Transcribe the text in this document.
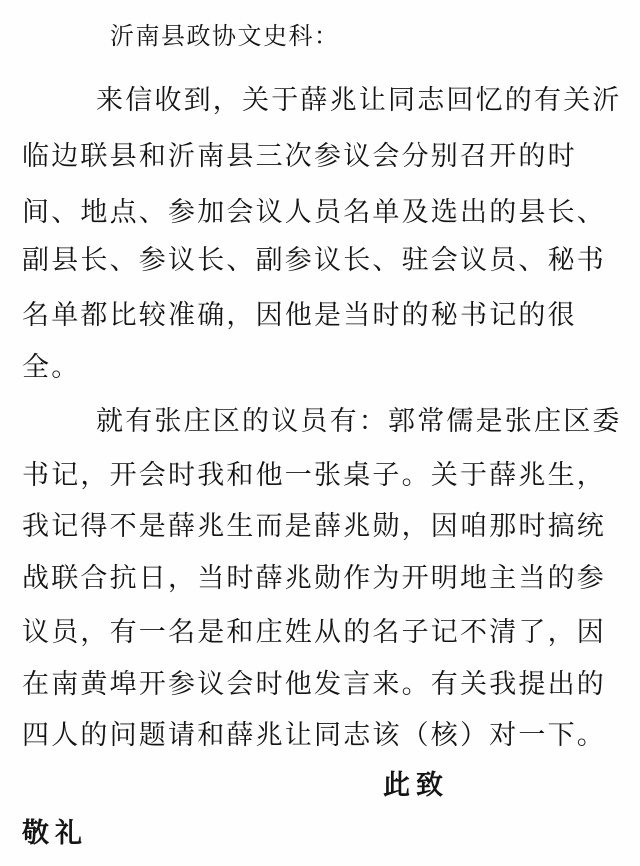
沂南县政协文史科：
来信收到，关于薛兆让同志回忆的有关沂
临边联县和沂南县三次参议会分别召开的时
间、地点、参加会议人员名单及选出的县长、
副县长、参议长、副参议长、驻会议员、秘书
名单都比较准确，因他是当时的秘书记的很
全。
就有张庄区的议员有：郭常儒是张庄区委
书记，开会时我和他一张桌子。关于薛兆生，
我记得不是薛兆生而是薛兆勋，因咱那时搞统
战联合抗日，当时薛兆勋作为开明地主当的参
议员，有一名是和庄姓从的名子记不清了，因
在南黄埠开参议会时他发言来。有关我提出的
四人的问题请和薛兆让同志该（核）对一下。
此致
敬礼
